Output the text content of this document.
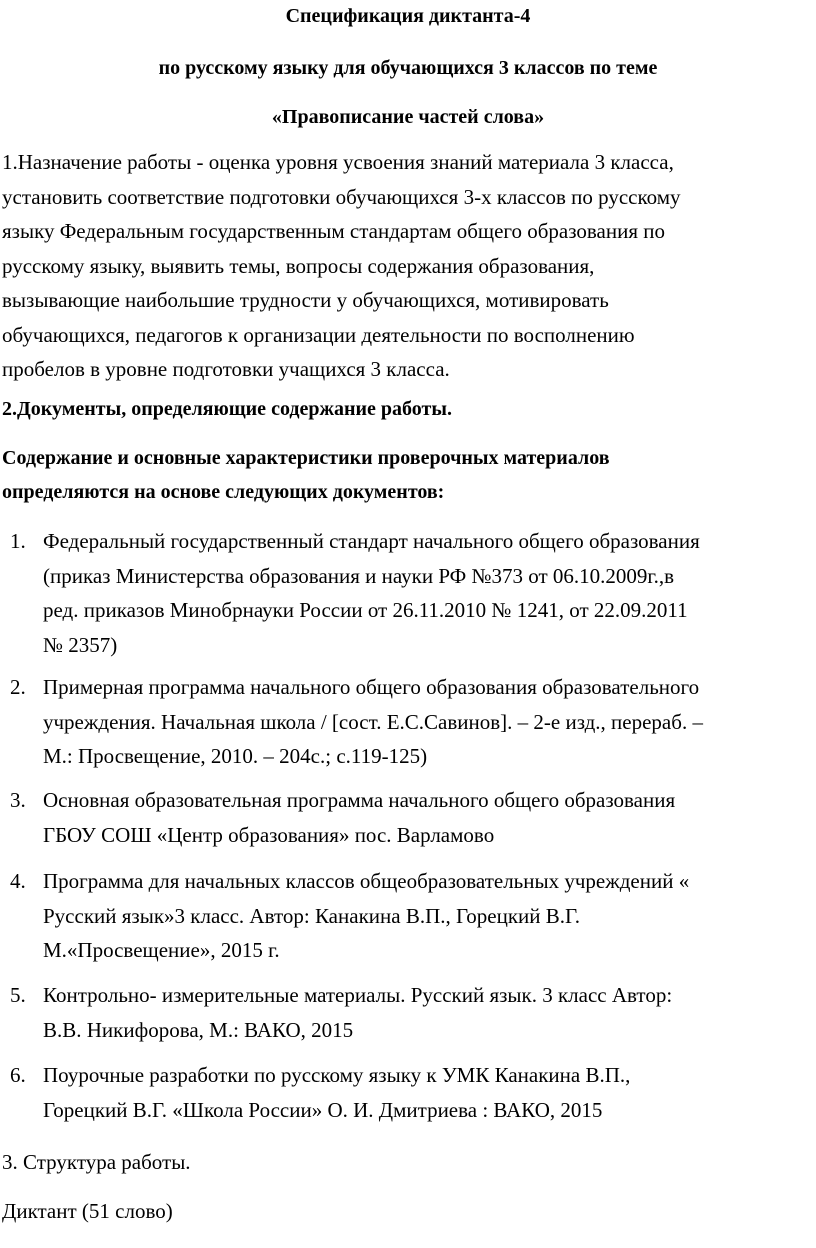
Спецификация диктанта-4
по русскому языку для обучающихся 3 классов по теме
«Правописание частей слова»
1.Назначение работы - оценка уровня усвоения знаний материала 3 класса,
установить соответствие подготовки обучающихся 3-х классов по русскому
языку Федеральным государственным стандартам общего образования по
русскому языку, выявить темы, вопросы содержания образования,
вызывающие наибольшие трудности у обучающихся, мотивировать
обучающихся, педагогов к организации деятельности по восполнению
пробелов в уровне подготовки учащихся 3 класса.
2.Документы, определяющие содержание работы.
Содержание и основные характеристики проверочных материалов
определяются на основе следующих документов:
1. Федеральный государственный стандарт начального общего образования
(приказ Министерства образования и науки РФ №373 от 06.10.2009г.,в
ред. приказов Минобрнауки России от 26.11.2010 № 1241, от 22.09.2011
№ 2357)
2. Примерная программа начального общего образования образовательного
учреждения. Начальная школа / [сост. Е.С.Савинов]. – 2-е изд., перераб. –
М.: Просвещение, 2010. – 204с.; с.119-125)
3. Основная образовательная программа начального общего образования
ГБОУ СОШ «Центр образования» пос. Варламово
4. Программа для начальных классов общеобразовательных учреждений «
Русский язык»3 класс. Автор: Канакина В.П., Горецкий В.Г.
М.«Просвещение», 2015 г.
5. Контрольно- измерительные материалы. Русский язык. 3 класс Автор:
В.В. Никифорова, М.: ВАКО, 2015
6. Поурочные разработки по русскому языку к УМК Канакина В.П.,
Горецкий В.Г. «Школа России» О. И. Дмитриева : ВАКО, 2015
3. Структура работы.
Диктант (51 слово)
